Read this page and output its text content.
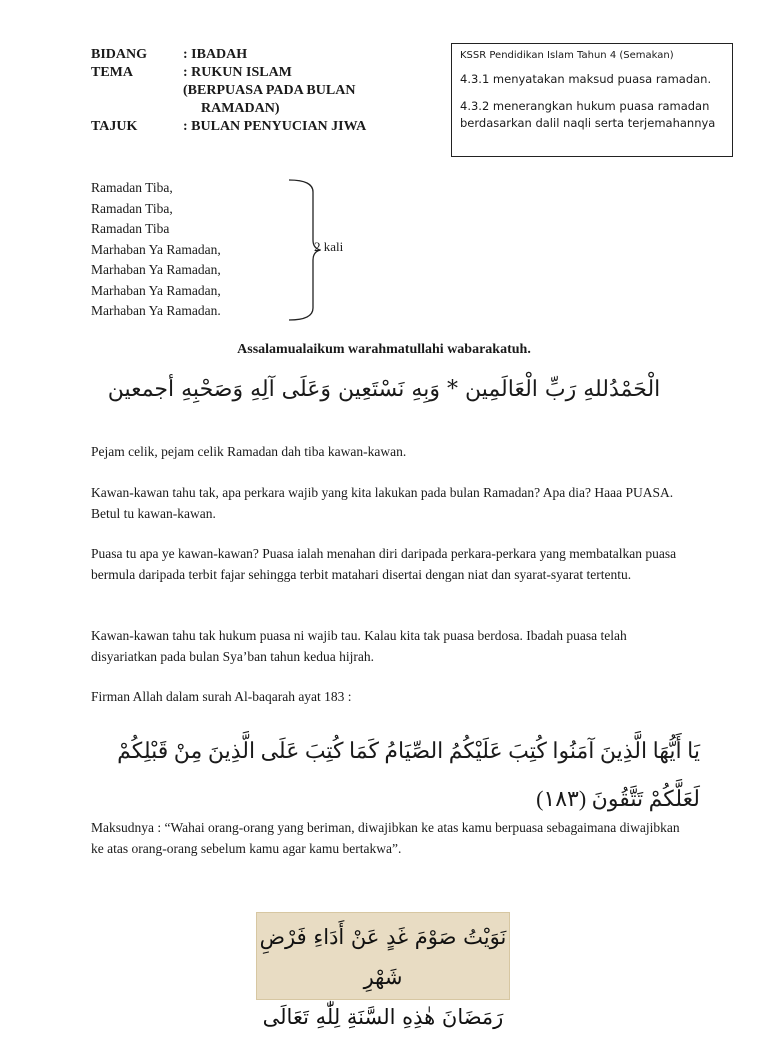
BIDANG	: IBADAH
TEMA	: RUKUN ISLAM
(BERPUASA PADA BULAN
RAMADAN)
TAJUK	: BULAN PENYUCIAN JIWA
KSSR Pendidikan Islam Tahun 4 (Semakan)
4.3.1 menyatakan maksud puasa ramadan.
4.3.2 menerangkan hukum puasa ramadan berdasarkan dalil naqli serta terjemahannya
Ramadan Tiba,
Ramadan Tiba,
Ramadan Tiba
Marhaban Ya Ramadan,
Marhaban Ya Ramadan,
Marhaban Ya Ramadan,
Marhaban Ya Ramadan.
2 kali
Assalamualaikum warahmatullahi wabarakatuh.
الْحَمْدُللهِ رَبِّ الْعَالَمِين * وَبِهِ نَسْتَعِين وَعَلَى آلِهِ وَصَحْبِهِ أجمعين
Pejam celik, pejam celik Ramadan dah tiba kawan-kawan.
Kawan-kawan tahu tak, apa perkara wajib yang kita lakukan pada bulan Ramadan? Apa dia? Haaa PUASA. Betul tu kawan-kawan.
Puasa tu apa ye kawan-kawan? Puasa ialah menahan diri daripada perkara-perkara yang membatalkan puasa bermula daripada terbit fajar sehingga terbit matahari disertai dengan niat dan syarat-syarat tertentu.
Kawan-kawan tahu tak hukum puasa ni wajib tau. Kalau kita tak puasa berdosa. Ibadah puasa telah disyariatkan pada bulan Sya’ban tahun kedua hijrah.
Firman Allah dalam surah Al-baqarah ayat 183 :
يَا أَيُّهَا الَّذِينَ آمَنُوا كُتِبَ عَلَيْكُمُ الصِّيَامُ كَمَا كُتِبَ عَلَى الَّذِينَ مِنْ قَبْلِكُمْ
لَعَلَّكُمْ تَتَّقُونَ (١٨٣)
Maksudnya : “Wahai orang-orang yang beriman, diwajibkan ke atas kamu berpuasa sebagaimana diwajibkan ke atas orang-orang sebelum kamu agar kamu bertakwa”.
نَوَيْتُ صَوْمَ غَدٍ عَنْ أَدَاءِ فَرْضِ شَهْرِ
رَمَضَانَ هٰذِهِ السَّنَةِ لِلّٰهِ تَعَالَى
